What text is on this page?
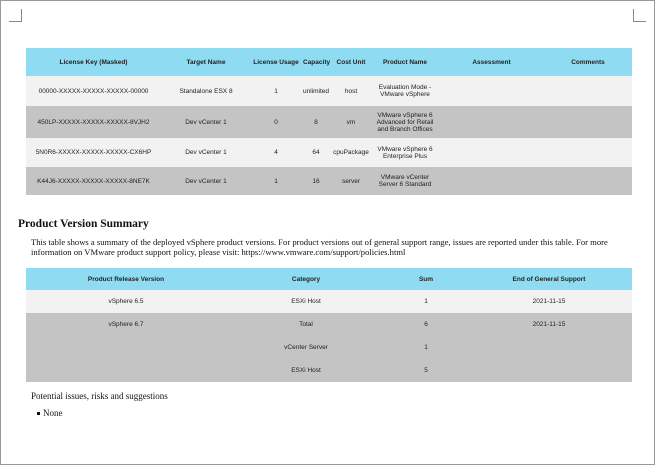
License Key (Masked)	Target Name	License Usage	Capacity	Cost Unit	Product Name	Assessment	Comments
00000-XXXXX-XXXXX-XXXXX-00000	Standalone ESX 8	1	unlimited	host	Evaluation Mode - VMware vSphere		
450LP-XXXXX-XXXXX-XXXXX-8VJH2	Dev vCenter 1	0	8	vm	VMware vSphere 6 Advanced for Retail and Branch Offices		
5N0R6-XXXXX-XXXXX-XXXXX-CX6HP	Dev vCenter 1	4	64	cpuPackage	VMware vSphere 6 Enterprise Plus		
K44J6-XXXXX-XXXXX-XXXXX-8NE7K	Dev vCenter 1	1	16	server	VMware vCenter Server 6 Standard		
Product Version Summary

This table shows a summary of the deployed vSphere product versions. For product versions out of general support range, issues are reported under this table. For more information on VMware product support policy, please visit: https://www.vmware.com/support/policies.html

Product Release Version	Category	Sum	End of General Support
vSphere 6.5	ESXi Host	1	2021-11-15
vSphere 6.7	Total	6	2021-11-15
	vCenter Server	1	
	ESXi Host	5	

Potential issues, risks and suggestions

None
